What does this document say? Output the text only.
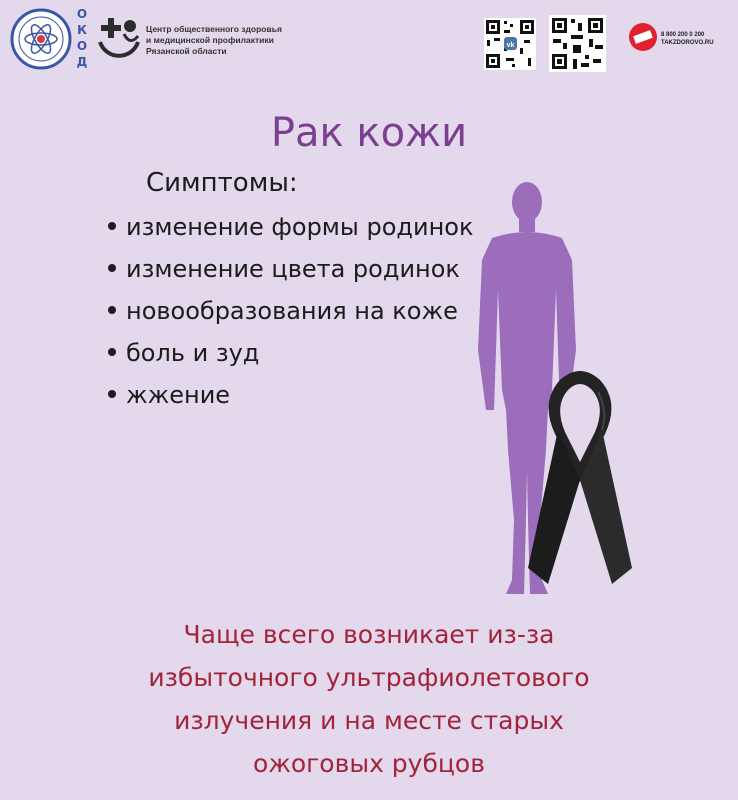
О
К
О
Д
Центр общественного здоровья
и медицинской профилактики
Рязанской области
vk
8 800 200 0 200
TAKZDOROVO.RU
Рак кожи
Симптомы:
изменение формы родинок
изменение цвета родинок
новообразования на коже
боль и зуд
жжение
Чаще всего возникает из-за
избыточного ультрафиолетового
излучения и на месте старых
ожоговых рубцов
